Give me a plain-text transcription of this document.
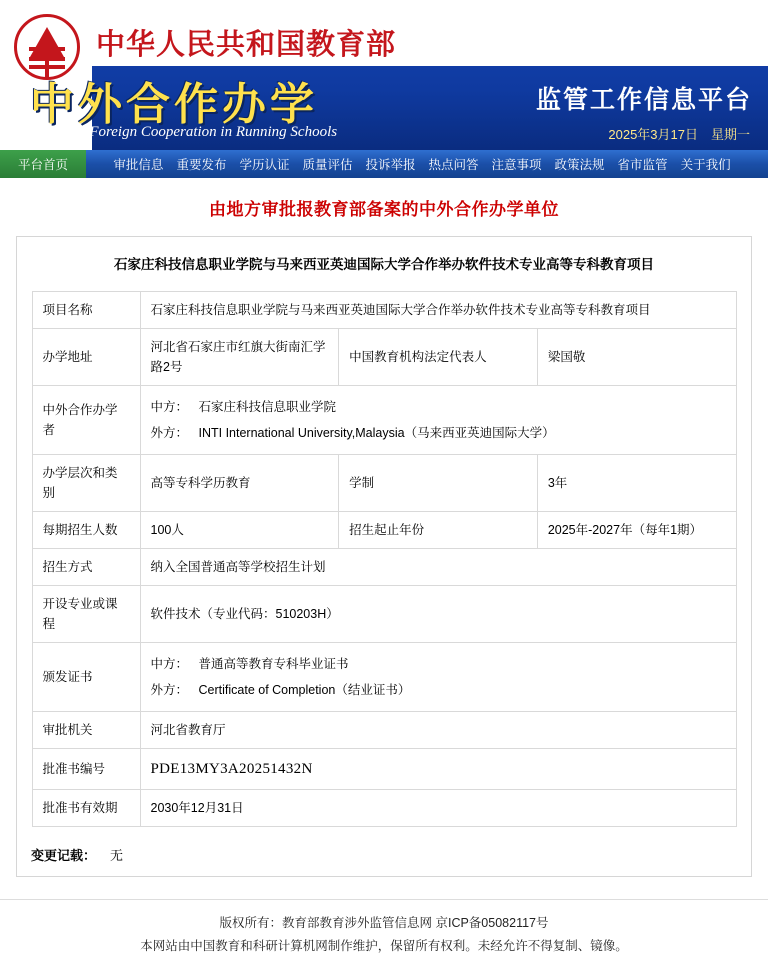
中华人民共和国教育部
中外合作办学
Chinese-Foreign Cooperation in Running Schools
监管工作信息平台
2025年3月17日　星期一
平台首页	审批信息 重要发布 学历认证 质量评估 投诉举报 热点问答 注意事项 政策法规 省市监管 关于我们
由地方审批报教育部备案的中外合作办学单位
石家庄科技信息职业学院与马来西亚英迪国际大学合作举办软件技术专业高等专科教育项目
项目名称	石家庄科技信息职业学院与马来西亚英迪国际大学合作举办软件技术专业高等专科教育项目		
办学地址	河北省石家庄市红旗大街南汇学路2号	中国教育机构法定代表人	梁国敬
中外合作办学者	中方： 石家庄科技信息职业学院
外方： INTI International University,Malaysia（马来西亚英迪国际大学）		

办学层次和类别	高等专科学历教育	学制	3年
每期招生人数	100人	招生起止年份	2025年-2027年（每年1期）
招生方式	纳入全国普通高等学校招生计划		
开设专业或课程	软件技术（专业代码：510203H）		
颁发证书	中方： 普通高等教育专科毕业证书
外方： Certificate of Completion（结业证书）		

审批机关	河北省教育厅		
批准书编号	PDE13MY3A20251432N		
批准书有效期	2030年12月31日		
变更记载： 无
版权所有：教育部教育涉外监管信息网 京ICP备05082117号
本网站由中国教育和科研计算机网制作维护，保留所有权利。未经允许不得复制、镜像。
